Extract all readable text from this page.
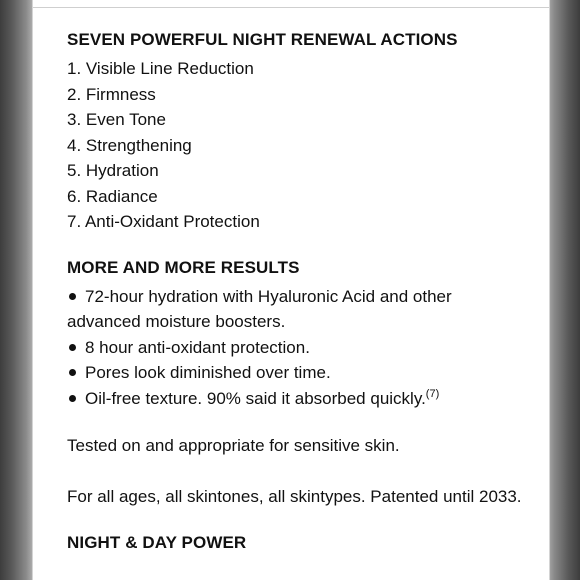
SEVEN POWERFUL NIGHT RENEWAL ACTIONS
1. Visible Line Reduction
2. Firmness
3. Even Tone
4. Strengthening
5. Hydration
6. Radiance
7. Anti-Oxidant Protection
MORE AND MORE RESULTS
72-hour hydration with Hyaluronic Acid and other advanced moisture boosters.
8 hour anti-oxidant protection.
Pores look diminished over time.
Oil-free texture. 90% said it absorbed quickly.$^{(7)}$

Tested on and appropriate for sensitive skin.

For all ages, all skintones, all skintypes. Patented until 2033.

NIGHT & DAY POWER
